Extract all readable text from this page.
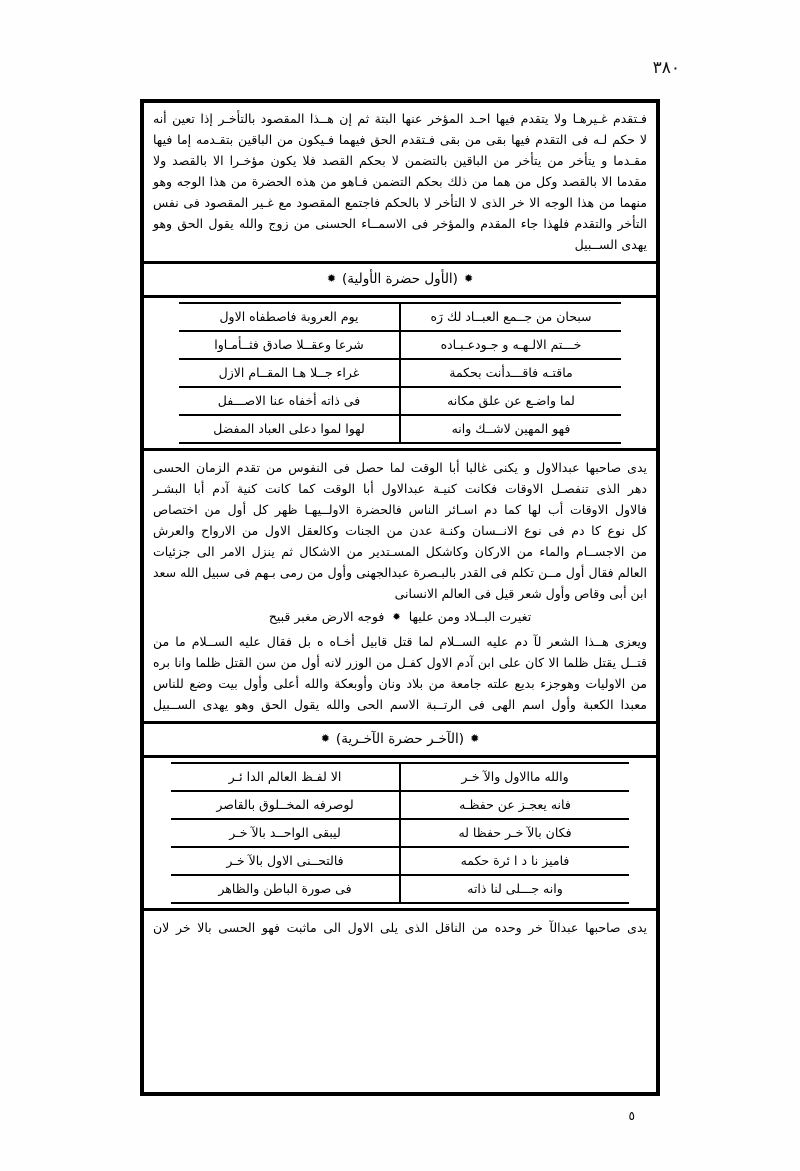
٣٨٠
فـتقدم غـيرهـا ولا يتقدم فيها احـد المؤخر عنها البتة ثم إن هــذا المقصود بالتأخـر إذا تعين أنه
لا حكم لـه فى التقدم فيها بقى من بقى فـتقدم الحق فيهما فـيكون من الباقين بتقـدمه إما فيها
مقـدما و يتأخر من يتأخر من الباقين بالتضمن لا بحكم القصد فلا يكون مؤخـرا الا بالقصد ولا
مقدما الا بالقصد وكل من هما من ذلك بحكم التضمن فـاهو من هذه الحضرة من هذا الوجه وهو
منهما من هذا الوجه الا خر الذى لا التأخر لا بالحكم فاجتمع المقصود مع غـير المقصود فى نفس
التأخر والتقدم فلهذا جاء المقدم والمؤخر فى الاسمــاء الحسنى من زوج والله يقول الحق وهو
يهدى الســبيل
✹(الأول حضرة الأولية)✹
سبحان من جــمع العبــاد لك رَه	يوم العروبة فاصطفاه الاول
خـــتم الالـهـه و جـودعـبـاده	شرعا وعقــلا صادق فثــأمـاوا
ماقتـه فاقـــدأنت بحكمة	غراء جــلا هـا المقــام الازل
لما واضـع عن علق مكانه	فى ذاته أخفاه عنا الاصـــفل
فهو المهين لاشــك وانه	لهوا لموا دعلى العباد المفضل
يدى صاحبها عبدالاول و يكنى غالبا أبا الوقت لما حصل فى النفوس من تقدم الزمان الحسى
دهر الذى تنفصـل الاوقات فكانت كنيـة عبدالاول أبا الوقت كما كانت كنية آدم أبا البشـر
فالاول الاوقات أب لها كما دم اسـائر الناس فالحضرة الاولــيهـا ظهر كل أول من اختصاص
كل نوع كا دم فى نوع الانــسان وكنـة عدن من الجنات وكالعقل الاول من الارواح والعرش
من الاجســام والماء من الاركان وكاشكل المسـتدير من الاشكال ثم ينزل الامر الى جزئيات
العالم فقال أول مــن تكلم فى القدر بالبـصرة عبدالجهنى وأول من رمى بـهم فى سبيل الله سعد
ابن أبى وقاص وأول شعر قيل فى العالم الانسانى
تغيرت البــلاد ومن عليها✹فوجه الارض مغبر قبيح
ويعزى هــذا الشعر لآ دم عليه الســلام لما قتل قابيل أخـاه ه بل فقال عليه الســلام ما من
قتــل يقتل ظلما الا كان على ابن آدم الاول كفـل من الوزر لانه أول من سن القتل ظلما وانا بره
من الاوليات وهوجزء بديع علته جامعة من بلاد ونان وأوبعكة والله أعلى وأول بيت وضع للناس
معبدا الكعبة وأول اسم الهى فى الرتــبة الاسم الحى والله يقول الحق وهو يهدى الســبيل
✹(الآخـر حضرة الآخـرية)✹
والله ماالاول والآ خـر	الا لفـظ العالم الدا ئـر
فانه يعجـز عن حفظـه	لوصرفه المخــلوق بالقاصر
فكان بالآ خـر حفظا له	ليبقى الواحــد بالآ خـر
فاميز نا د ا ئرة حكمه	فالتحــنى الاول بالآ خـر
وانه جـــلى لنا ذاته	فى صورة الباطن والظاهر
يدى صاحبها عبدالآ خر وحده من الناقل الذى يلى الاول الى ماثبت فهو الحسى بالا خر لان
٥
